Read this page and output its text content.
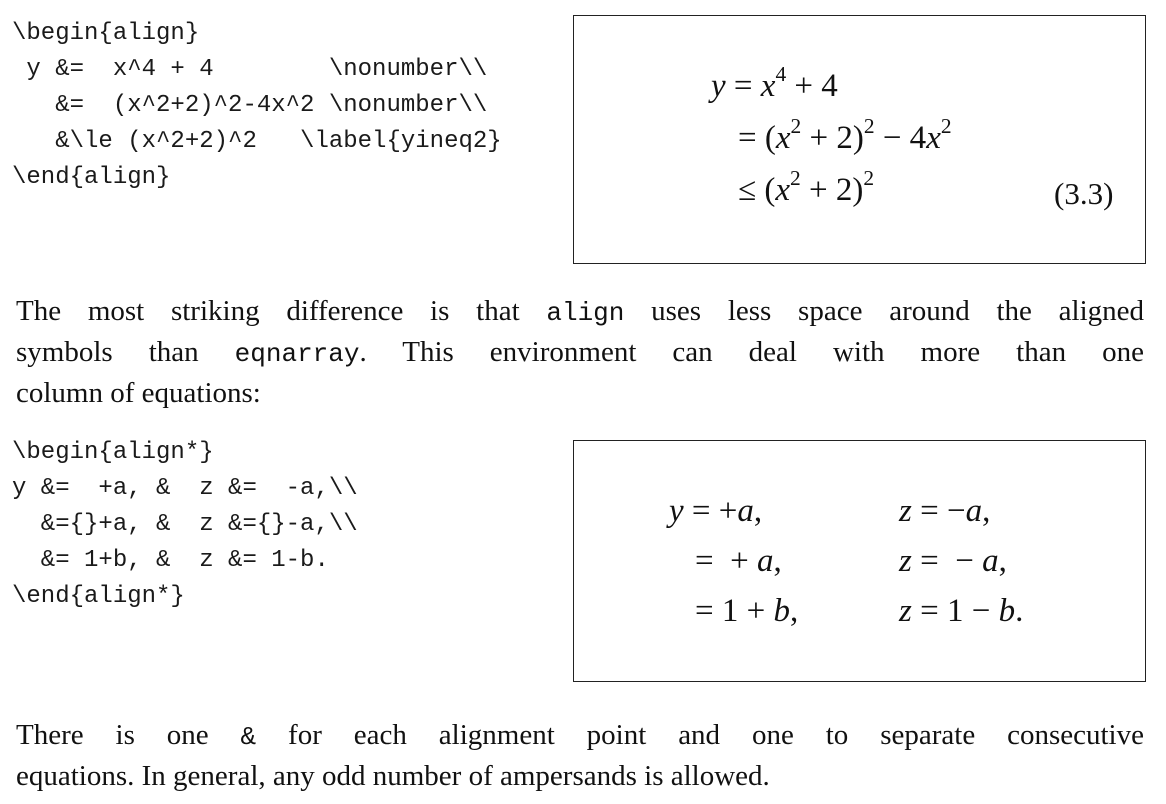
\begin{align}
y &=  x^4 + 4        \nonumber\\
&=  (x^2+2)^2-4x^2 \nonumber\\
&\le (x^2+2)^2   \label{yineq2}
\end{align}
$y = x^4 + 4$
= $(x^2 + 2)^2 - 4x^2$
≤ $(x^2 + 2)^2$	(3.3)
The most striking difference is that align uses less space around the aligned
symbols than eqnarray. This environment can deal with more than one
column of equations:
\begin{align*}
y &=  +a, &  z &=  -a,\\
&={}+a, &  z &={}-a,\\
&= 1+b, &  z &= 1-b.
\end{align*}
y = +a,	z = −a,
=  + a,	z =  − a,
= 1 + b,	z = 1 − b.
There is one & for each alignment point and one to separate consecutive
equations. In general, any odd number of ampersands is allowed.
